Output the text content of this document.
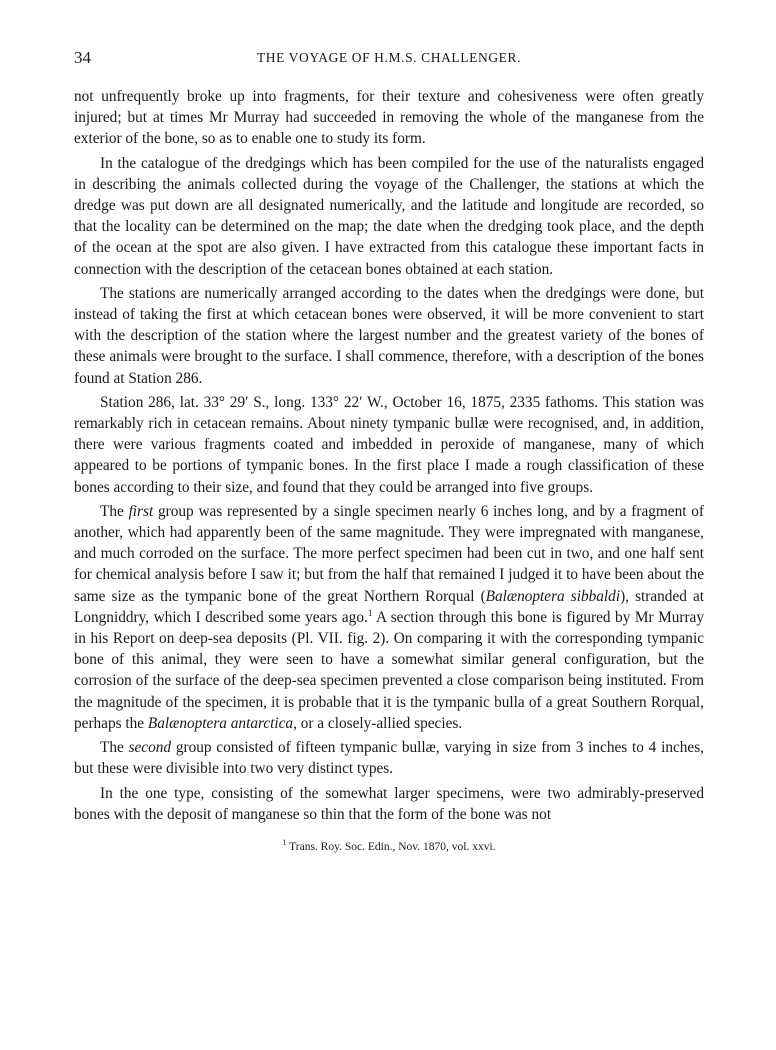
34	THE VOYAGE OF H.M.S. CHALLENGER.

not unfrequently broke up into fragments, for their texture and cohesiveness were often greatly injured; but at times Mr Murray had succeeded in removing the whole of the manganese from the exterior of the bone, so as to enable one to study its form.

In the catalogue of the dredgings which has been compiled for the use of the naturalists engaged in describing the animals collected during the voyage of the Challenger, the stations at which the dredge was put down are all designated numerically, and the latitude and longitude are recorded, so that the locality can be determined on the map; the date when the dredging took place, and the depth of the ocean at the spot are also given. I have extracted from this catalogue these important facts in connection with the description of the cetacean bones obtained at each station.

The stations are numerically arranged according to the dates when the dredgings were done, but instead of taking the first at which cetacean bones were observed, it will be more convenient to start with the description of the station where the largest number and the greatest variety of the bones of these animals were brought to the surface. I shall commence, therefore, with a description of the bones found at Station 286.

Station 286, lat. 33° 29′ S., long. 133° 22′ W., October 16, 1875, 2335 fathoms. This station was remarkably rich in cetacean remains. About ninety tympanic bullæ were recognised, and, in addition, there were various fragments coated and imbedded in peroxide of manganese, many of which appeared to be portions of tympanic bones. In the first place I made a rough classification of these bones according to their size, and found that they could be arranged into five groups.

The first group was represented by a single specimen nearly 6 inches long, and by a fragment of another, which had apparently been of the same magnitude. They were impregnated with manganese, and much corroded on the surface. The more perfect specimen had been cut in two, and one half sent for chemical analysis before I saw it; but from the half that remained I judged it to have been about the same size as the tympanic bone of the great Northern Rorqual (Balænoptera sibbaldi), stranded at Longniddry, which I described some years ago.$^1$ A section through this bone is figured by Mr Murray in his Report on deep-sea deposits (Pl. VII. fig. 2). On comparing it with the corresponding tympanic bone of this animal, they were seen to have a somewhat similar general configuration, but the corrosion of the surface of the deep-sea specimen prevented a close comparison being instituted. From the magnitude of the specimen, it is probable that it is the tympanic bulla of a great Southern Rorqual, perhaps the Balænoptera antarctica, or a closely-allied species.

The second group consisted of fifteen tympanic bullæ, varying in size from 3 inches to 4 inches, but these were divisible into two very distinct types.

In the one type, consisting of the somewhat larger specimens, were two admirably-preserved bones with the deposit of manganese so thin that the form of the bone was not

$^1$ Trans. Roy. Soc. Edin., Nov. 1870, vol. xxvi.
